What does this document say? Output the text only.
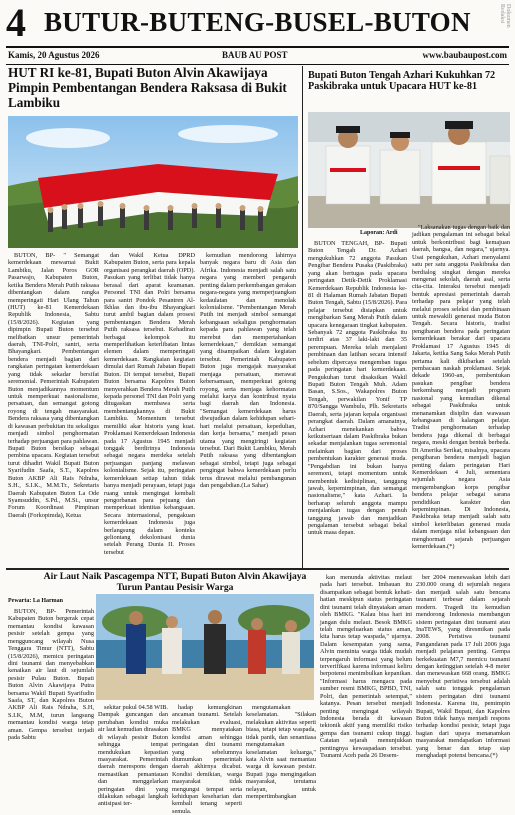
4 BUTUR-BUTENG-BUSEL-BUTON	Dokumen Redaksi
Kamis, 20 Agustus 2026	BAUB AU POST	www.baubaupost.com
HUT RI ke-81, Bupati Buton Alvin Akawijaya Pimpin Pembentangan Bendera Raksasa di Bukit Lambiku

BUTON, BP- " Semangat kemerdekaan mewarnai Bukit Lambiku, Jalan Poros GOR Pasarwajo, Kabupaten Buton, ketika Bendera Merah Putih raksasa dibentangkan dalam rangka memperingati Hari Ulang Tahun (HUT) ke-81 Kemerdekaan Republik Indonesia, Sabtu (15/8/2026). Kegiatan yang dipimpin Bupati Buton tersebut melibatkan unsur pemerintah daerah, TNI-Polri, santri, serta Bhayangkari. Pembentangan bendera menjadi bagian dari rangkaian peringatan kemerdekaan yang tidak sekadar bersifat seremonial. Pemerintah Kabupaten Buton menjadikannya momentum untuk memperkuat nasionalisme, persatuan, dan semangat gotong royong di tengah masyarakat. Bendera raksasa yang dibentangkan di kawasan perbukitan itu sekaligus menjadi simbol penghormatan terhadap perjuangan para pahlawan. Bupati Buton bersikap sebagai pembina upacara. Kegiatan tersebut turut dihadiri Wakil Bupati Buton Syarifudin Saafa, S.T., Kapolres Buton AKBP Ali Rais Ndraha, S.H., S.I.K., M.M.Tr., Sekretaris Daerah Kabupaten Buton La Ode Syamsuddin, S.Pd., M.Si., unsur Forum Koordinasi Pimpinan Daerah (Forkopimda), Ketua

dan Wakil Ketua DPRD Kabupaten Buton, serta para kepala organisasi perangkat daerah (OPD). Pasukan yang terlibat tidak hanya berasal dari aparat keamanan. Personel TNI dan Polri bersama para santri Pondok Pesantren Al-Ikhlas dan ibu-ibu Bhayangkari turut ambil bagian dalam prosesi pembentangan Bendera Merah Putih raksasa tersebut. Kehadiran berbagai kelompok itu memperlihatkan keterlibatan lintas elemen dalam memperingati kemerdekaan. Rangkaian kegiatan dimulai dari Rumah Jabatan Bupati Buton. Di tempat tersebut, Bupati Buton bersama Kapolres Buton menyerahkan Bendera Merah Putih kepada personel TNI dan Polri yang ditugaskan membawa serta membentangkannya di Bukit Lambiku. Momentum tersebut memiliki akar historis yang kuat. Proklamasi Kemerdekaan Indonesia pada 17 Agustus 1945 menjadi tonggak berdirinya Indonesia sebagai negara merdeka setelah perjuangan panjang melawan kolonialisme. Sejak itu, peringatan kemerdekaan setiap tahun tidak hanya menjadi perayaan, tetapi juga ruang untuk mengingat kembali pengorbanan para pejuang dan memperkuat identitas kebangsaan. Secara internasional, pengakuan kemerdekaan Indonesia juga berlangsung dalam konteks geliontang dekolonisasi dunia setelah Perang Dunia II. Proses tersebut

kemudian mendorong lahirnya banyak negara baru di Asia dan Afrika. Indonesia menjadi salah satu negara yang memberi pengaruh penting dalam perkembangan gerakan negara-negara yang memperjuangkan kedaulatan dan menolak kolonialisme. "Pembentangan Merah Putih ini menjadi simbol semangat kebangsaan sekaligus penghormatan kepada para pahlawan yang telah merebut dan mempertahankan kemerdekaan," demikian semangat yang disampaikan dalam kegiatan tersebut. Pemerintah Kabupaten Buton juga mengajak masyarakat menjaga persatuan, merawat kebersamaan, memperkuat gotong royong, serta menjaga kehormatan melalui karya dan kontribusi nyata bagi daerah dan Indonesia. "Semangat kemerdekaan harus diwujudkan dalam kehidupan sehari-hari melalui persatuan, kepedulian, dan kerja bersama," menjadi pesan utama yang mengiringi kegiatan tersebut. Dari Bukit Lambiku, Merah Putih raksasa yang dibentangkan sebagai simbol, tetapi juga sebagai pengingat bahwa kemerdekaan perlu terus dirawat melalui pembangunan dan pengabdian.(La Sahar)

Bupati Buton Tengah Azhari Kukuhkan 72 Paskibraka untuk Upacara HUT ke-81
Laporan: Ardi

BUTON TENGAH, BP- Bupati Buton Tengah Dr. Azhari mengukuhkan 72 anggota Pasukan Pengibar Bendera Pusaka (Paskibraka) yang akan bertugas pada upacara peringatan Detik-Detik Proklamasi Kemerdekaan Republik Indonesia ke-81 di Halaman Rumah Jabatan Bupati Buton Tengah, Sabtu (15/8/2026). Para pelajar tersebut disiapkan untuk mengibarkan Sang Merah Putih dalam upacara kenegaraan tingkat kabupaten. Sebanyak 72 anggota Paskibraka itu terdiri atas 37 laki-laki dan 35 perempuan. Mereka telah menjalani pembinaan dan latihan secara intensif sebelum dipercaya mengemban tugas pada peringatan hari kemerdekaan. Pengukuhan turut disaksikan Wakil Bupati Buton Tengah Muh. Adam Basan, S.Sos., Wakapolres Buton Tengah, perwakilan Yonif TP 870/Sangga Wambulu, Plh. Sekretaris Daerah, serta jajaran kepala organisasi perangkat daerah. Dalam amanatnya, Azhari menekankan bahwa keikutsertaan dalam Paskibraka bukan sekadar menjalankan tugas seremonial melainkan bagian dari proses pembentukan karakter generasi muda. "Pengabdian ini bukan hanya seremoni, tetapi momentum untuk membentuk kedisiplinan, tanggung jawab, kepemimpinan, dan semangat nasionalisme," kata Azhari. Ia berharap seluruh anggota mampu menjalankan tugas dengan penuh tanggung jawab dan menjadikan pengalaman tersebut sebagai bekal untuk masa depan.

"Laksanakan tugas dengan baik dan jadikan pengalaman ini sebagai bekal untuk berkontribusi bagi kemajuan daerah, bangsa, dan negara," ujarnya. Usai pengukuhan, Azhari menyalami satu per satu anggota Paskibraka dan berdialog singkat dengan mereka mengenai sekolah, daerah asal, serta cita-cita. Interaksi tersebut menjadi bentuk apresiasi pemerintah daerah terhadap para pelajar yang telah melalui proses seleksi dan pembinaan untuk mewakili generasi muda Buton Tengah. Secara historis, tradisi pengibaran bendera pada peringatan kemerdekaan berakar dari upacara Proklamasi 17 Agustus 1945 di Jakarta, ketika Sang Saka Merah Putih pertama kali dikibarkan setelah pembacaan naskah proklamasi. Sejak dekade 1960-an, pembentukan pasukan pengibar bendera berkembang menjadi program nasional yang kemudian dikenal sebagai Paskibraka untuk menanamkan disiplin dan wawasan kebangsaan di kalangan pelajar. Tradisi penghormatan terhadap bendera juga dikenal di berbagai negara, meski dengan bentuk berbeda. Di Amerika Serikat, misalnya, upacara pengibaran bendera menjadi bagian penting dalam peringatan Hari Kemerdekaan 4 Juli, sementara sejumlah negara Asia mengembangkan korps pengibar bendera pelajar sebagai sarana pendidikan karakter dan kepemimpinan. Di Indonesia, Paskibraka tetap menjadi salah satu simbol keterlibatan generasi muda dalam menjaga nilai kebangsaan dan menghormati sejarah perjuangan kemerdekaan.(*)

Air Laut Naik Pascagempa NTT, Bupati Buton Alvin Akawijaya Turun Pantau Pesisir Warga
Pewarta: La Harman

BUTON, BP- Pemerintah Kabupaten Buton bergerak cepat memantau kondisi kawasan pesisir setelah gempa yang mengguncang wilayah Nusa Tenggara Timur (NTT), Sabtu (15/8/2026), memicu peringatan dini tsunami dan menyebabkan kenaikan air laut di sejumlah pesisir Pulau Buton. Bupati Buton Alvin Akawijaya Putra bersama Wakil Bupati Syarifudin Saafa, ST, dan Kapolres Buton AKBP Ali Rais Ndraha, S.H, S.I.K, M.M, turun langsung memantau kondisi warga tetap aman. Gempa tersebut terjadi pada Sabtu

sekitar pukul 04.58 WIB. Dampak guncangan dan perubahan kondisi muka air laut kemudian dirasakan di wilayah pesisir Buton sehingga tempat mendukukan kepastian masyarakat. Pemerintah daerah merespons dengan memastikan pemantauan dan menggelarkan peringatan dini yang dilakukan sebagai langkah antisipasi ter-

hadap kemungkinan ancaman tsunami. Setelah melakukan evaluasi, BMKG menyatakan kondisi aman sehingga peringatan dini tsunami yang sebelumnya diumumkan pemerintah daerah akhirnya dicabut. Kondisi demikian, warga masyarakat tidak mengungsi tempat serta kehidupan keseharian dan kembali tenang seperti semula.

mengutamakan keselamatan. "Silakan melakukan aktivitas seperti biasa, tetapi tetap waspada, tidak panik, dan senantiasa mengutamakan keselamatan keluarga," kata Alvin saat memantau warga di kawasan pesisir. Bupati juga mengingatkan masyarakat, terutama nelayan, untuk mempertimbangkan

kan menunda aktivitas melaut pada hari tersebut. Imbauan itu disampaikan sebagai bentuk kehati-hatian meskipun status peringatan dini tsunami telah dinyatakan aman oleh BMKG. "Kalau bisa hari ini jangan dulu melaut. Besok BMKG telah mengeluarkan status aman, kita harus tetap waspada," ujarnya. Dalam kesempatan yang sama, Alvin meminta warga tidak mudah terpengaruh informasi yang belum terverifikasi karena informasi keliru berpotensi menimbulkan kepanikan. "Informasi harus mengacu pada sumber resmi BMKG, BPBD, TNI, Polri, dan pemerintah setempat," katanya. Pesan tersebut menjadi penting mengingat wilayah Indonesia berada di kawasan tektonik aktif yang memiliki risiko gempa dan tsunami cukup tinggi. Catatan sejarah menunjukkan pentingnya kewaspadaan tersebut. Tsunami Aceh pada 26 Desem-

ber 2004 menewaskan lebih dari 230.000 orang di sejumlah negara dan menjadi salah satu bencana tsunami terbesar dalam sejarah modern. Tragedi itu kemudian mendorong Indonesia membangun sistem peringatan dini tsunami atau InaTEWS, yang diresmikan pada 2008. Peristiwa tsunami Pangandaran pada 17 Juli 2006 juga menjadi pelajaran penting. Gempa berkekuatan M7,7 memicu tsunami dengan ketinggian setelah 4-8 meter dan menewaskan 668 orang. BMKG menyebut peristiwa tersebut adalah salah satu tonggak pengalaman sistem peringatan dini tsunami Indonesia. Karena itu, pemimpin Bupati, Wakil Bupati, dan Kapolres Buton tidak hanya menjadi respons terhadap kondisi pesisir, tetapi juga bagian dari upaya menanamkan masyarakat mendapatkan informasi yang benar dan tetap siap menghadapi potensi bencana.(*)
